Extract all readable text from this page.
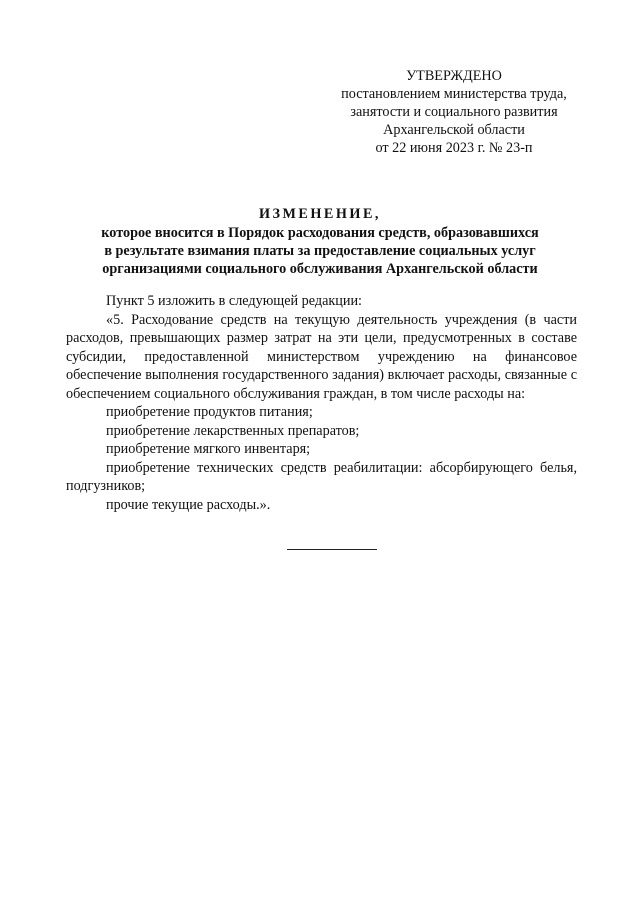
УТВЕРЖДЕНО
постановлением министерства труда,
занятости и социального развития
Архангельской области
от 22 июня 2023 г. № 23-п
ИЗМЕНЕНИЕ,
которое вносится в Порядок расходования средств, образовавшихся
в результате взимания платы за предоставление социальных услуг
организациями социального обслуживания Архангельской области

Пункт 5 изложить в следующей редакции:

«5. Расходование средств на текущую деятельность учреждения (в части расходов, превышающих размер затрат на эти цели, предусмотренных в составе субсидии, предоставленной министерством учреждению на финансовое обеспечение выполнения государственного задания) включает расходы, связанные с обеспечением социального обслуживания граждан, в том числе расходы на:

приобретение продуктов питания;

приобретение лекарственных препаратов;

приобретение мягкого инвентаря;

приобретение технических средств реабилитации: абсорбирующего белья, подгузников;

прочие текущие расходы.».
